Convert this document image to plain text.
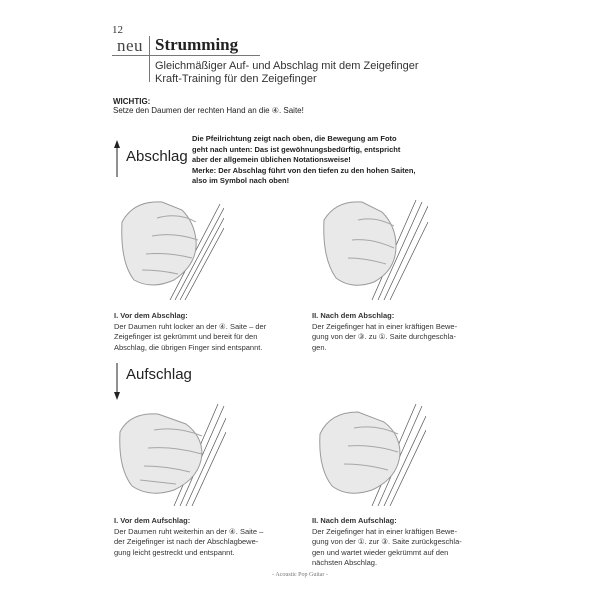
12
neu Strumming
Gleichmäßiger Auf- und Abschlag mit dem Zeigefinger
Kraft-Training für den Zeigefinger
WICHTIG:
Setze den Daumen der rechten Hand an die ④. Saite!
Abschlag
Die Pfeilrichtung zeigt nach oben, die Bewegung am Foto
geht nach unten: Das ist gewöhnungsbedürftig, entspricht
aber der allgemein üblichen Notationsweise!
Merke: Der Abschlag führt von den tiefen zu den hohen Saiten,
also im Symbol nach oben!
I. Vor dem Abschlag:
Der Daumen ruht locker an der ④. Saite – der
Zeigefinger ist gekrümmt und bereit für den
Abschlag, die übrigen Finger sind entspannt.
II. Nach dem Abschlag:
Der Zeigefinger hat in einer kräftigen Bewe-
gung von der ③. zu ①. Saite durchgeschla-
gen.
Aufschlag
I. Vor dem Aufschlag:
Der Daumen ruht weiterhin an der ④. Saite –
der Zeigefinger ist nach der Abschlagbewe-
gung leicht gestreckt und entspannt.
II. Nach dem Aufschlag:
Der Zeigefinger hat in einer kräftigen Bewe-
gung von der ①. zur ③. Saite zurückgeschla-
gen und wartet wieder gekrümmt auf den
nächsten Abschlag.
- Acoustic Pop Guitar -
